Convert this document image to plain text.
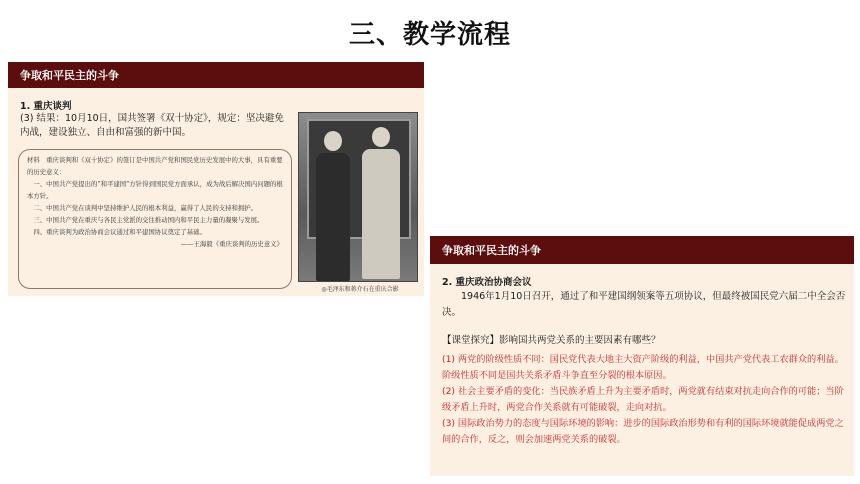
三、教学流程
争取和平民主的斗争
1. 重庆谈判
(3) 结果：10月10日，国共签署《双十协定》，规定：坚决避免内战，建设独立、自由和富强的新中国。

材料　重庆谈判和《双十协定》的签订是中国共产党和国民党历史发展中的大事，具有重要的历史意义：

　一、中国共产党提出的“和平建国”方针得到国民党方面承认，成为战后解决国内问题的根本方针。

　二、中国共产党在谈判中坚持维护人民的根本利益，赢得了人民的支持和拥护。

　三、中国共产党在重庆与各民主党派的交往推动国内和平民主力量的凝聚与发展。

　四、重庆谈判为政治协商会议通过和平建国协议奠定了基础。

——王海毅《重庆谈判的历史意义》

◎毛泽东和蒋介石在重庆合影
争取和平民主的斗争
2. 重庆政治协商会议
1946年1月10日召开，通过了和平建国纲领案等五项协议，但最终被国民党六届二中全会否决。
【课堂探究】影响国共两党关系的主要因素有哪些？

(1) 两党的阶级性质不同：国民党代表大地主大资产阶级的利益，中国共产党代表工农群众的利益。阶级性质不同是国共关系矛盾斗争直至分裂的根本原因。

(2) 社会主要矛盾的变化：当民族矛盾上升为主要矛盾时，两党就有结束对抗走向合作的可能；当阶级矛盾上升时，两党合作关系就有可能破裂，走向对抗。

(3) 国际政治势力的态度与国际环境的影响：进步的国际政治形势和有利的国际环境就能促成两党之间的合作，反之，则会加速两党关系的破裂。
